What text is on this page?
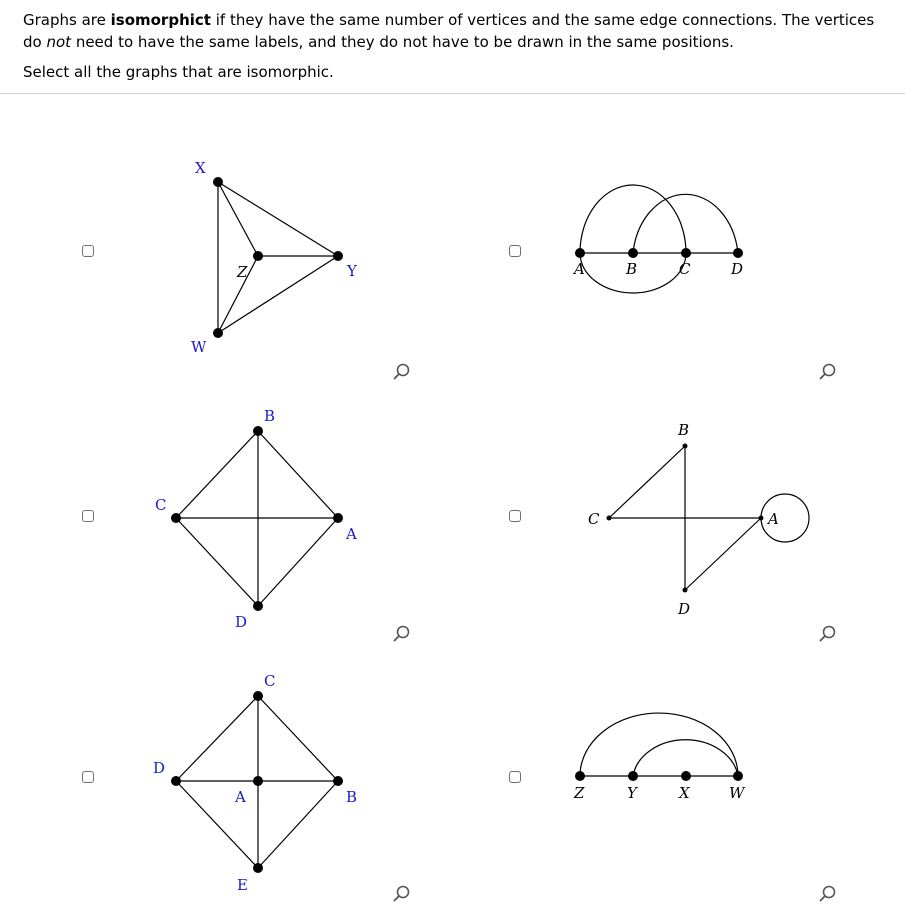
Graphs are isomorphict if they have the same number of vertices and the same edge connections. The vertices do not need to have the same labels, and they do not have to be drawn in the same positions.

Select all the graphs that are isomorphic.

X
Z	Y
W
A	B	C	D
B
C
A
D
B
C	A
D
C
D
A	B
E
Z	Y	X	W
